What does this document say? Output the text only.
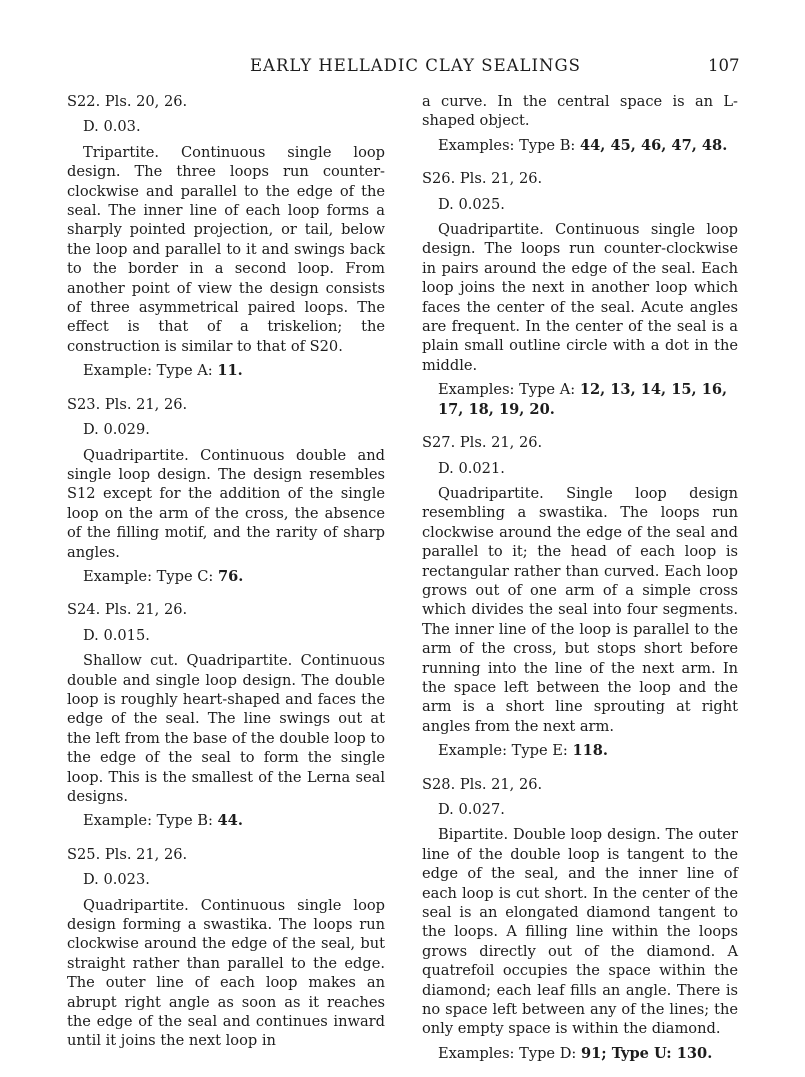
EARLY HELLADIC CLAY SEALINGS	107

S22. Pls. 20, 26.

D. 0.03.

Tripartite. Continuous single loop design. The three loops run counter-clockwise and parallel to the edge of the seal. The inner line of each loop forms a sharply pointed projection, or tail, below the loop and parallel to it and swings back to the border in a second loop. From another point of view the design consists of three asymmetrical paired loops. The effect is that of a triskelion; the construction is similar to that of S20.

Example: Type A: 11.

S23. Pls. 21, 26.

D. 0.029.

Quadripartite. Continuous double and single loop design. The design resembles S12 except for the addition of the single loop on the arm of the cross, the absence of the filling motif, and the rarity of sharp angles.

Example: Type C: 76.

S24. Pls. 21, 26.

D. 0.015.

Shallow cut. Quadripartite. Continuous double and single loop design. The double loop is roughly heart-shaped and faces the edge of the seal. The line swings out at the left from the base of the double loop to the edge of the seal to form the single loop. This is the smallest of the Lerna seal designs.

Example: Type B: 44.

S25. Pls. 21, 26.

D. 0.023.

Quadripartite. Continuous single loop design forming a swastika. The loops run clockwise around the edge of the seal, but straight rather than parallel to the edge. The outer line of each loop makes an abrupt right angle as soon as it reaches the edge of the seal and continues inward until it joins the next loop in

a curve. In the central space is an L-shaped object.

Examples: Type B: 44, 45, 46, 47, 48.

S26. Pls. 21, 26.

D. 0.025.

Quadripartite. Continuous single loop design. The loops run counter-clockwise in pairs around the edge of the seal. Each loop joins the next in another loop which faces the center of the seal. Acute angles are frequent. In the center of the seal is a plain small outline circle with a dot in the middle.

Examples: Type A: 12, 13, 14, 15, 16, 17, 18, 19, 20.

S27. Pls. 21, 26.

D. 0.021.

Quadripartite. Single loop design resembling a swastika. The loops run clockwise around the edge of the seal and parallel to it; the head of each loop is rectangular rather than curved. Each loop grows out of one arm of a simple cross which divides the seal into four segments. The inner line of the loop is parallel to the arm of the cross, but stops short before running into the line of the next arm. In the space left between the loop and the arm is a short line sprouting at right angles from the next arm.

Example: Type E: 118.

S28. Pls. 21, 26.

D. 0.027.

Bipartite. Double loop design. The outer line of the double loop is tangent to the edge of the seal, and the inner line of each loop is cut short. In the center of the seal is an elongated diamond tangent to the loops. A filling line within the loops grows directly out of the diamond. A quatrefoil occupies the space within the diamond; each leaf fills an angle. There is no space left between any of the lines; the only empty space is within the diamond.

Examples: Type D: 91; Type U: 130.
